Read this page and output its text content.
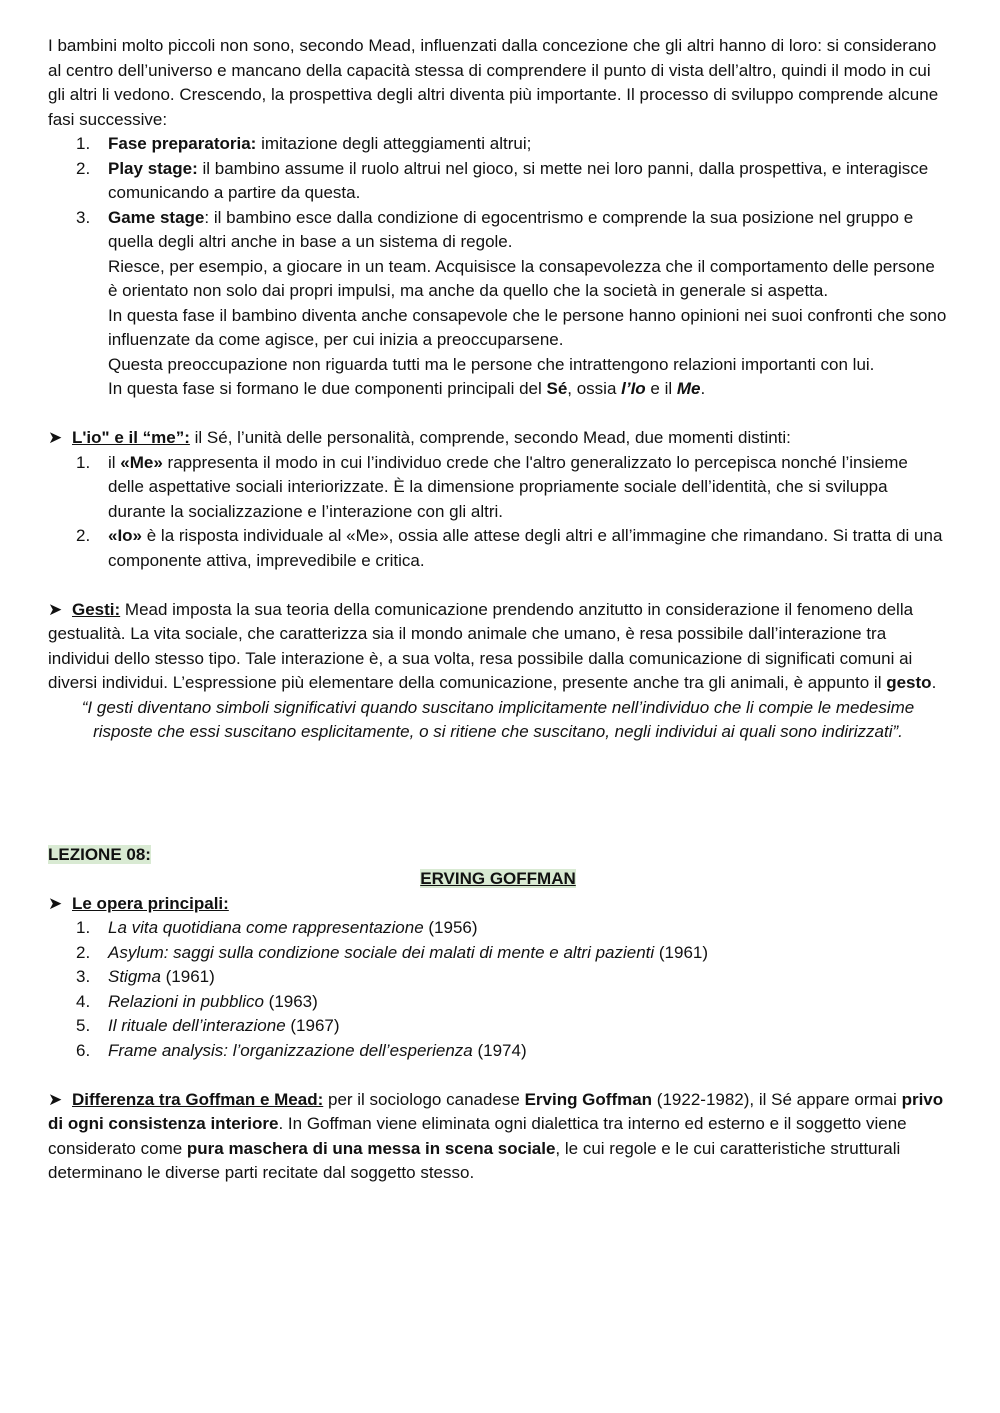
I bambini molto piccoli non sono, secondo Mead, influenzati dalla concezione che gli altri hanno di loro: si considerano al centro dell’universo e mancano della capacità stessa di comprendere il punto di vista dell’altro, quindi il modo in cui gli altri li vedono. Crescendo, la prospettiva degli altri diventa più importante. Il processo di sviluppo comprende alcune fasi successive:

1. Fase preparatoria: imitazione degli atteggiamenti altrui;
2. Play stage: il bambino assume il ruolo altrui nel gioco, si mette nei loro panni, dalla prospettiva, e interagisce comunicando a partire da questa.
3. Game stage: il bambino esce dalla condizione di egocentrismo e comprende la sua posizione nel gruppo e quella degli altri anche in base a un sistema di regole.

Riesce, per esempio, a giocare in un team. Acquisisce la consapevolezza che il comportamento delle persone è orientato non solo dai propri impulsi, ma anche da quello che la società in generale si aspetta.

In questa fase il bambino diventa anche consapevole che le persone hanno opinioni nei suoi confronti che sono influenzate da come agisce, per cui inizia a preoccuparsene.

Questa preoccupazione non riguarda tutti ma le persone che intrattengono relazioni importanti con lui.

In questa fase si formano le due componenti principali del Sé, ossia l’Io e il Me.

➤ L'io" e il “me”: il Sé, l’unità delle personalità, comprende, secondo Mead, due momenti distinti:

1. il «Me» rappresenta il modo in cui l’individuo crede che l'altro generalizzato lo percepisca nonché l’insieme delle aspettative sociali interiorizzate. È la dimensione propriamente sociale dell’identità, che si sviluppa durante la socializzazione e l’interazione con gli altri.
2. «Io» è la risposta individuale al «Me», ossia alle attese degli altri e all’immagine che rimandano. Si tratta di una componente attiva, imprevedibile e critica.

➤ Gesti: Mead imposta la sua teoria della comunicazione prendendo anzitutto in considerazione il fenomeno della gestualità. La vita sociale, che caratterizza sia il mondo animale che umano, è resa possibile dall’interazione tra individui dello stesso tipo. Tale interazione è, a sua volta, resa possibile dalla comunicazione di significati comuni ai diversi individui. L’espressione più elementare della comunicazione, presente anche tra gli animali, è appunto il gesto.

“I gesti diventano simboli significativi quando suscitano implicitamente nell’individuo che li compie le medesime risposte che essi suscitano esplicitamente, o si ritiene che suscitano, negli individui ai quali sono indirizzati”.

LEZIONE 08:

ERVING GOFFMAN

➤ Le opera principali:

1. La vita quotidiana come rappresentazione (1956)
2. Asylum: saggi sulla condizione sociale dei malati di mente e altri pazienti (1961)
3. Stigma (1961)
4. Relazioni in pubblico (1963)
5. Il rituale dell’interazione (1967)
6. Frame analysis: l’organizzazione dell’esperienza (1974)

➤ Differenza tra Goffman e Mead: per il sociologo canadese Erving Goffman (1922-1982), il Sé appare ormai privo di ogni consistenza interiore. In Goffman viene eliminata ogni dialettica tra interno ed esterno e il soggetto viene considerato come pura maschera di una messa in scena sociale, le cui regole e le cui caratteristiche strutturali determinano le diverse parti recitate dal soggetto stesso.
